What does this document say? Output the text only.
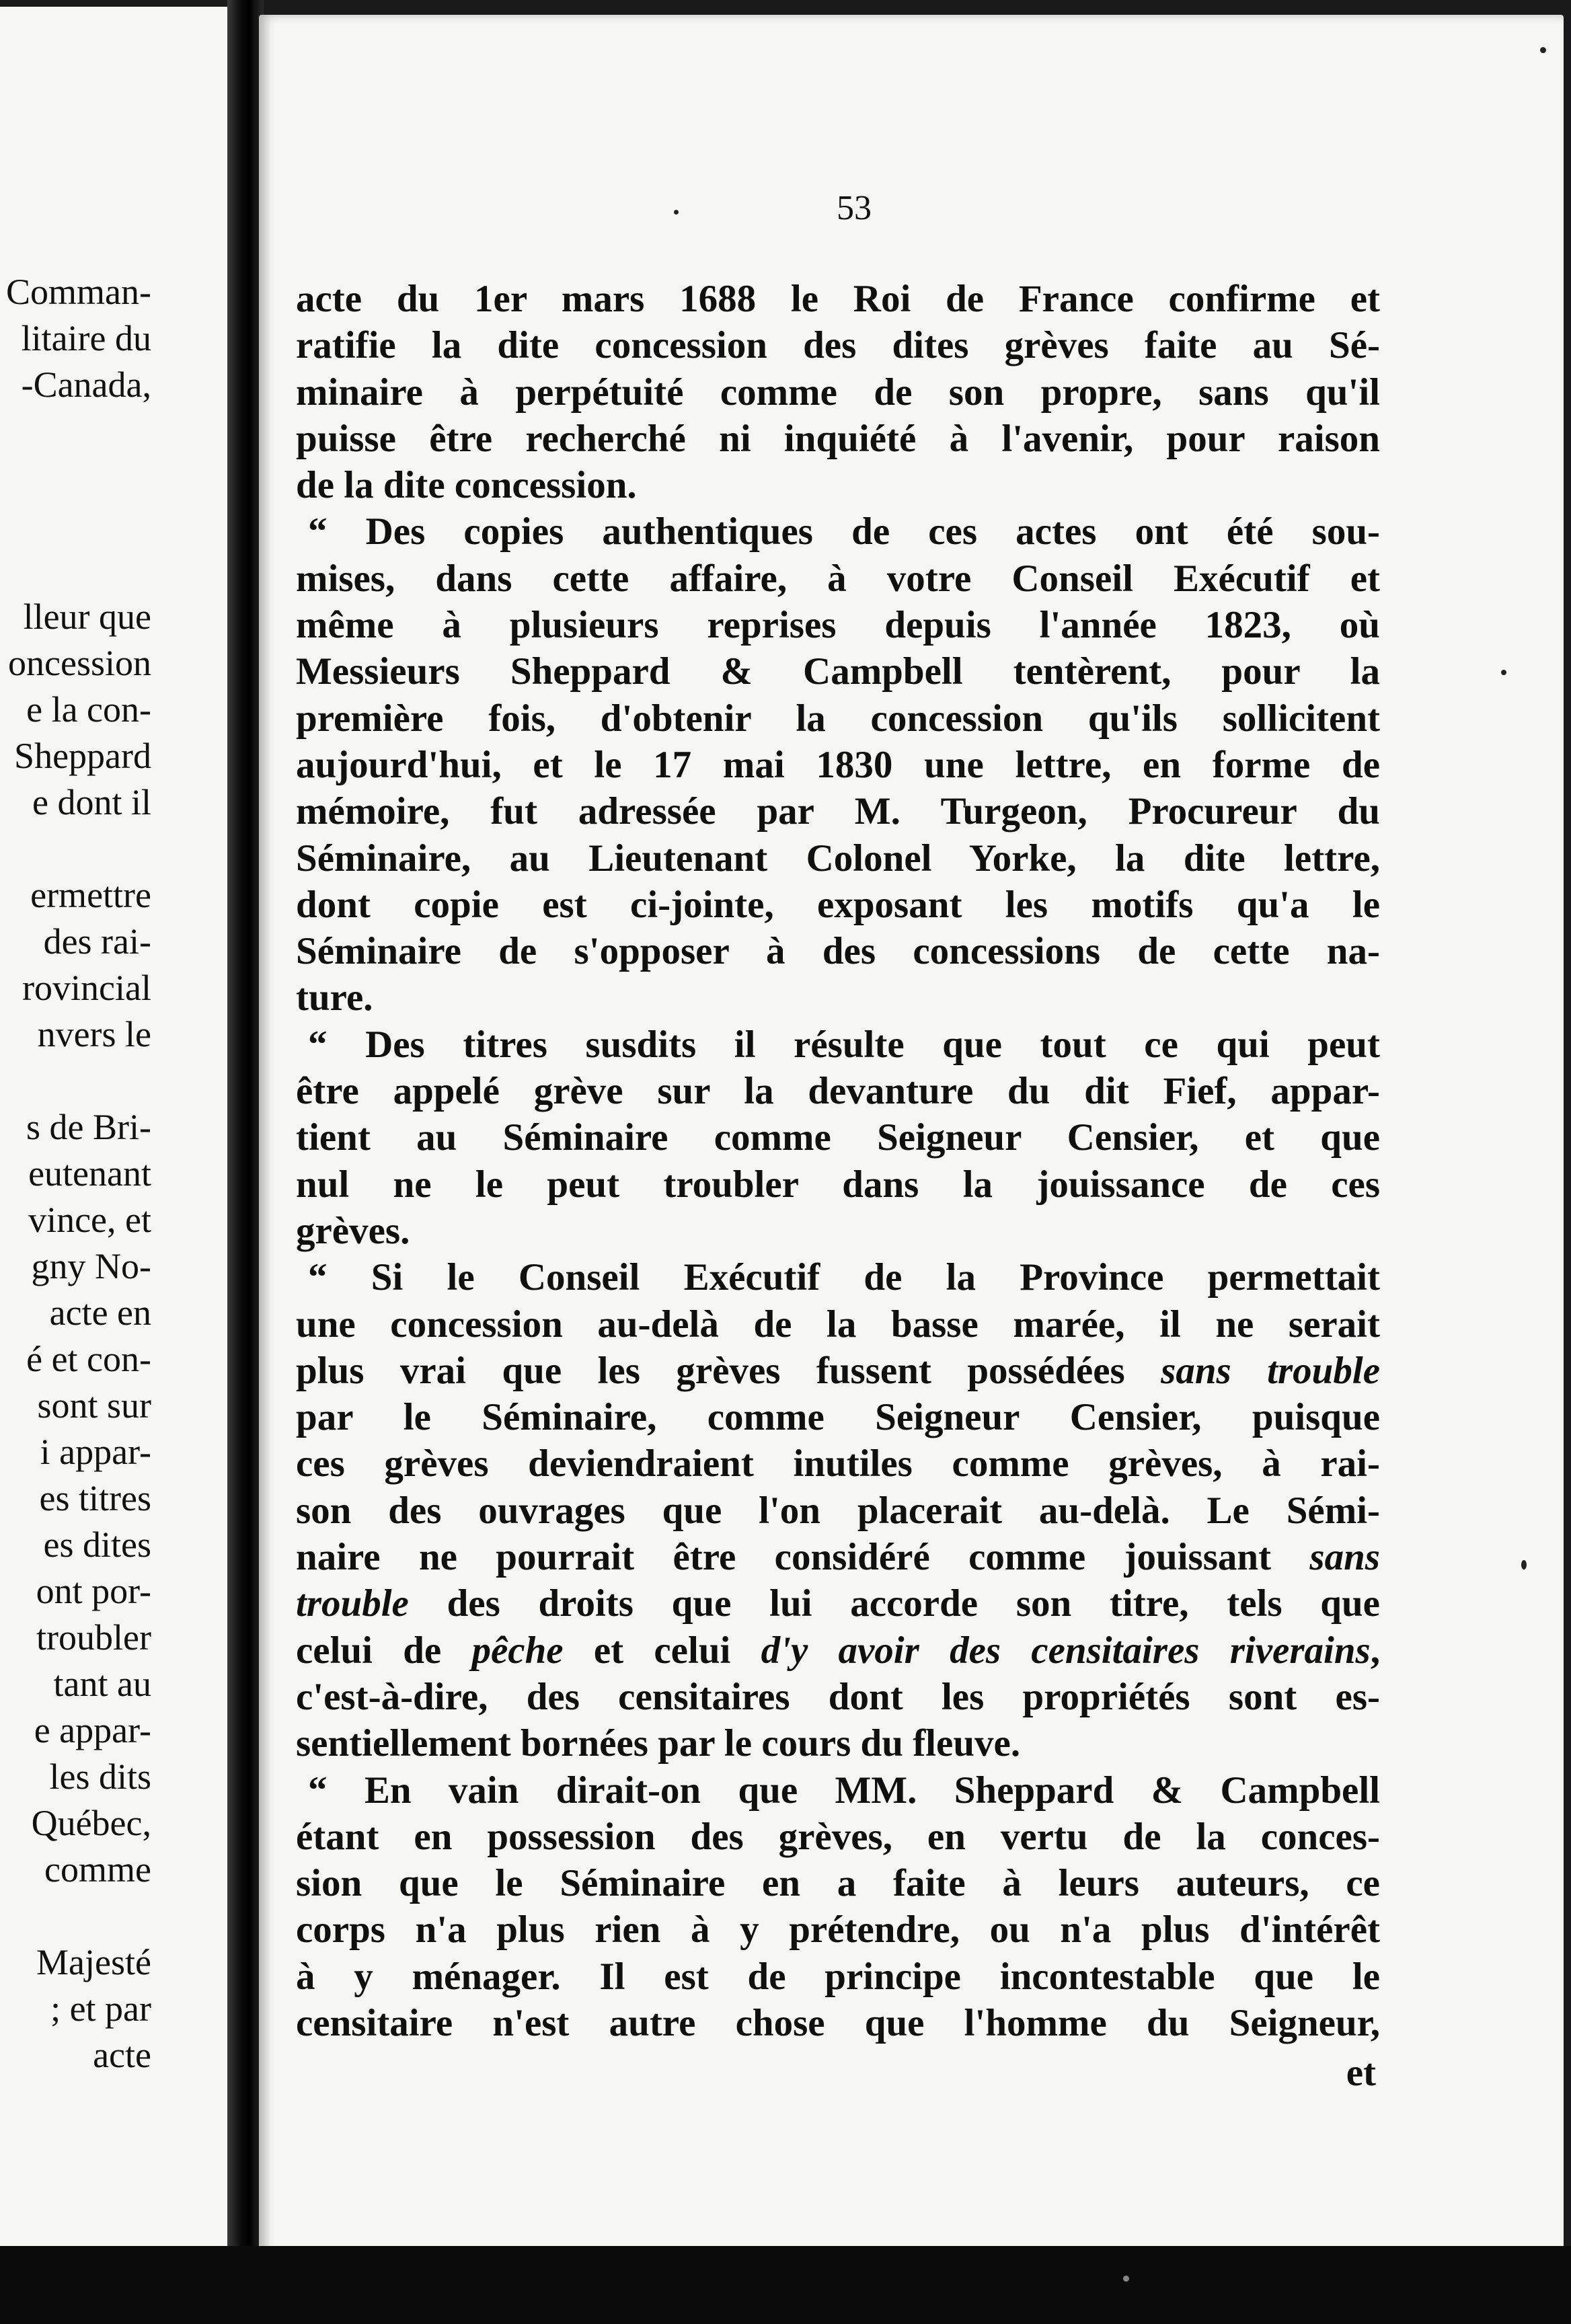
Comman-
litaire du
-Canada,
lleur que
oncession
e la con-
Sheppard
e dont il
ermettre
des rai-
rovincial
nvers le
s de Bri-
eutenant
vince, et
gny No-
acte en
é et con-
sont sur
i appar-
es titres
es dites
ont por-
troubler
tant au
e appar-
les dits
Québec,
comme
Majesté
; et par
acte
53
acte du 1er mars 1688 le Roi de France confirme et
ratifie la dite concession des dites grèves faite au Sé-
minaire à perpétuité comme de son propre, sans qu'il
puisse être recherché ni inquiété à l'avenir, pour raison
de la dite concession.
“ Des copies authentiques de ces actes ont été sou-
mises, dans cette affaire, à votre Conseil Exécutif et
même à plusieurs reprises depuis l'année 1823, où
Messieurs Sheppard & Campbell tentèrent, pour la
première fois, d'obtenir la concession qu'ils sollicitent
aujourd'hui, et le 17 mai 1830 une lettre, en forme de
mémoire, fut adressée par M. Turgeon, Procureur du
Séminaire, au Lieutenant Colonel Yorke, la dite lettre,
dont copie est ci-jointe, exposant les motifs qu'a le
Séminaire de s'opposer à des concessions de cette na-
ture.
“ Des titres susdits il résulte que tout ce qui peut
être appelé grève sur la devanture du dit Fief, appar-
tient au Séminaire comme Seigneur Censier, et que
nul ne le peut troubler dans la jouissance de ces
grèves.
“ Si le Conseil Exécutif de la Province permettait
une concession au-delà de la basse marée, il ne serait
plus vrai que les grèves fussent possédées sans trouble
par le Séminaire, comme Seigneur Censier, puisque
ces grèves deviendraient inutiles comme grèves, à rai-
son des ouvrages que l'on placerait au-delà. Le Sémi-
naire ne pourrait être considéré comme jouissant sans
trouble des droits que lui accorde son titre, tels que
celui de pêche et celui d'y avoir des censitaires riverains,
c'est-à-dire, des censitaires dont les propriétés sont es-
sentiellement bornées par le cours du fleuve.
“ En vain dirait-on que MM. Sheppard & Campbell
étant en possession des grèves, en vertu de la conces-
sion que le Séminaire en a faite à leurs auteurs, ce
corps n'a plus rien à y prétendre, ou n'a plus d'intérêt
à y ménager. Il est de principe incontestable que le
censitaire n'est autre chose que l'homme du Seigneur,
et
